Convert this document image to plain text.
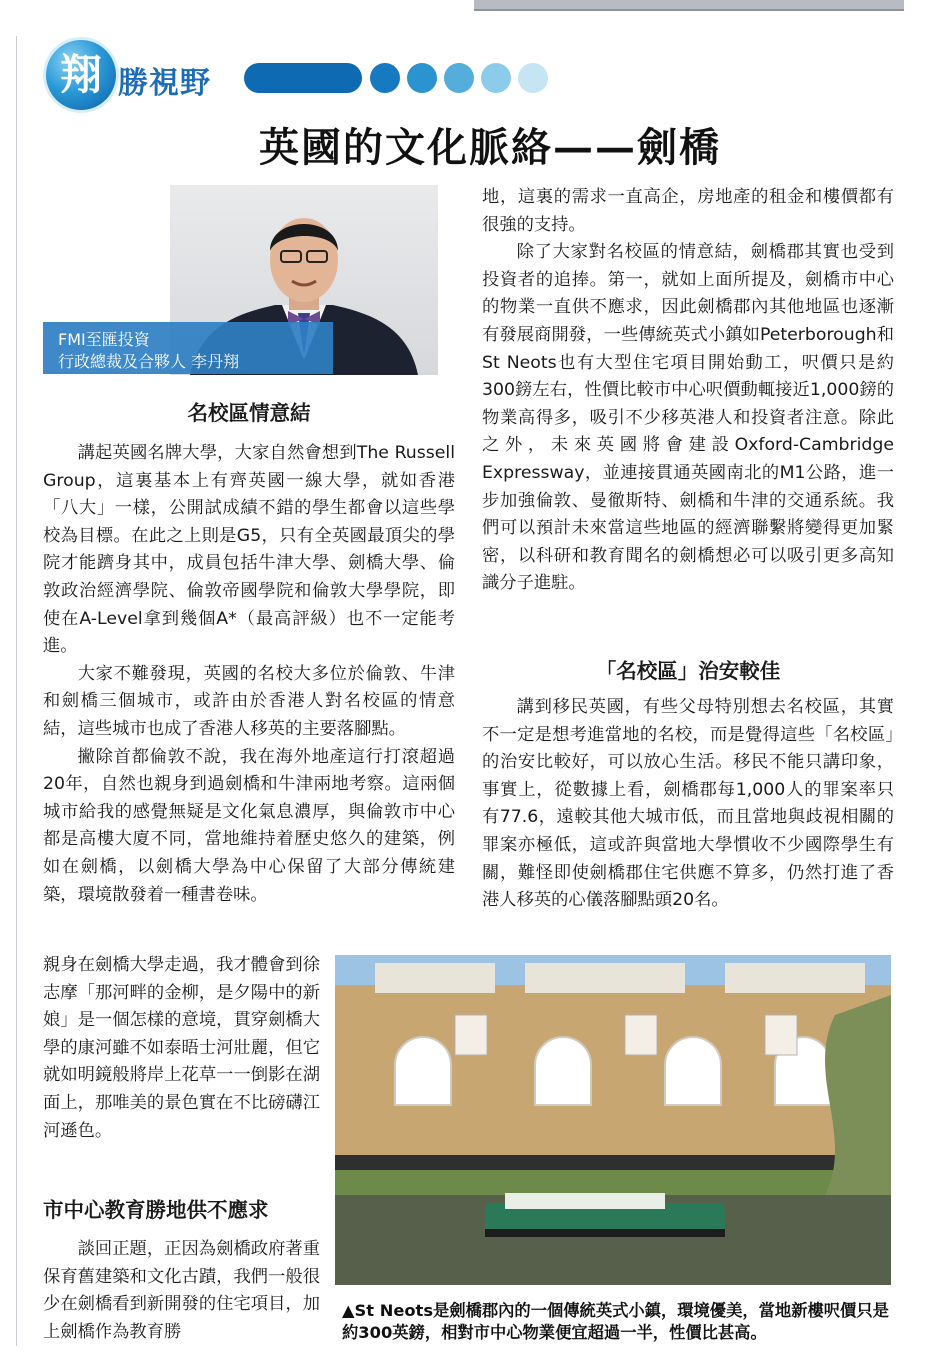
翔 勝視野
英國的文化脈絡——劍橋
FMI至匯投資
行政總裁及合夥人 李丹翔
名校區情意結

講起英國名牌大學，大家自然會想到The Russell Group，這裏基本上有齊英國一線大學，就如香港「八大」一樣，公開試成績不錯的學生都會以這些學校為目標。在此之上則是G5，只有全英國最頂尖的學院才能躋身其中，成員包括牛津大學、劍橋大學、倫敦政治經濟學院、倫敦帝國學院和倫敦大學學院，即使在A-Level拿到幾個A*（最高評級）也不一定能考進。

大家不難發現，英國的名校大多位於倫敦、牛津和劍橋三個城市，或許由於香港人對名校區的情意結，這些城市也成了香港人移英的主要落腳點。

撇除首都倫敦不說，我在海外地產這行打滾超過20年，自然也親身到過劍橋和牛津兩地考察。這兩個城市給我的感覺無疑是文化氣息濃厚，與倫敦市中心都是高樓大廈不同，當地維持着歷史悠久的建築，例如在劍橋，以劍橋大學為中心保留了大部分傳統建築，環境散發着一種書卷味。

親身在劍橋大學走過，我才體會到徐志摩「那河畔的金柳，是夕陽中的新娘」是一個怎樣的意境，貫穿劍橋大學的康河雖不如泰晤士河壯麗，但它就如明鏡般將岸上花草一一倒影在湖面上，那唯美的景色實在不比磅礴江河遜色。

市中心教育勝地供不應求

談回正題，正因為劍橋政府著重保育舊建築和文化古蹟，我們一般很少在劍橋看到新開發的住宅項目，加上劍橋作為教育勝

地，這裏的需求一直高企，房地產的租金和樓價都有很強的支持。

除了大家對名校區的情意結，劍橋郡其實也受到投資者的追捧。第一，就如上面所提及，劍橋市中心的物業一直供不應求，因此劍橋郡內其他地區也逐漸有發展商開發，一些傳統英式小鎮如Peterborough和St Neots也有大型住宅項目開始動工，呎價只是約300鎊左右，性價比較市中心呎價動輒接近1,000鎊的物業高得多，吸引不少移英港人和投資者注意。除此之外，未來英國將會建設Oxford-Cambridge Expressway，並連接貫通英國南北的M1公路，進一步加強倫敦、曼徹斯特、劍橋和牛津的交通系統。我們可以預計未來當這些地區的經濟聯繫將變得更加緊密，以科研和教育聞名的劍橋想必可以吸引更多高知識分子進駐。

「名校區」治安較佳

講到移民英國，有些父母特別想去名校區，其實不一定是想考進當地的名校，而是覺得這些「名校區」的治安比較好，可以放心生活。移民不能只講印象，事實上，從數據上看，劍橋郡每1,000人的罪案率只有77.6，遠較其他大城市低，而且當地與歧視相關的罪案亦極低，這或許與當地大學慣收不少國際學生有關，難怪即使劍橋郡住宅供應不算多，仍然打進了香港人移英的心儀落腳點頭20名。

▲St Neots是劍橋郡內的一個傳統英式小鎮，環境優美，當地新樓呎價只是約300英鎊，相對市中心物業便宜超過一半，性價比甚高。
